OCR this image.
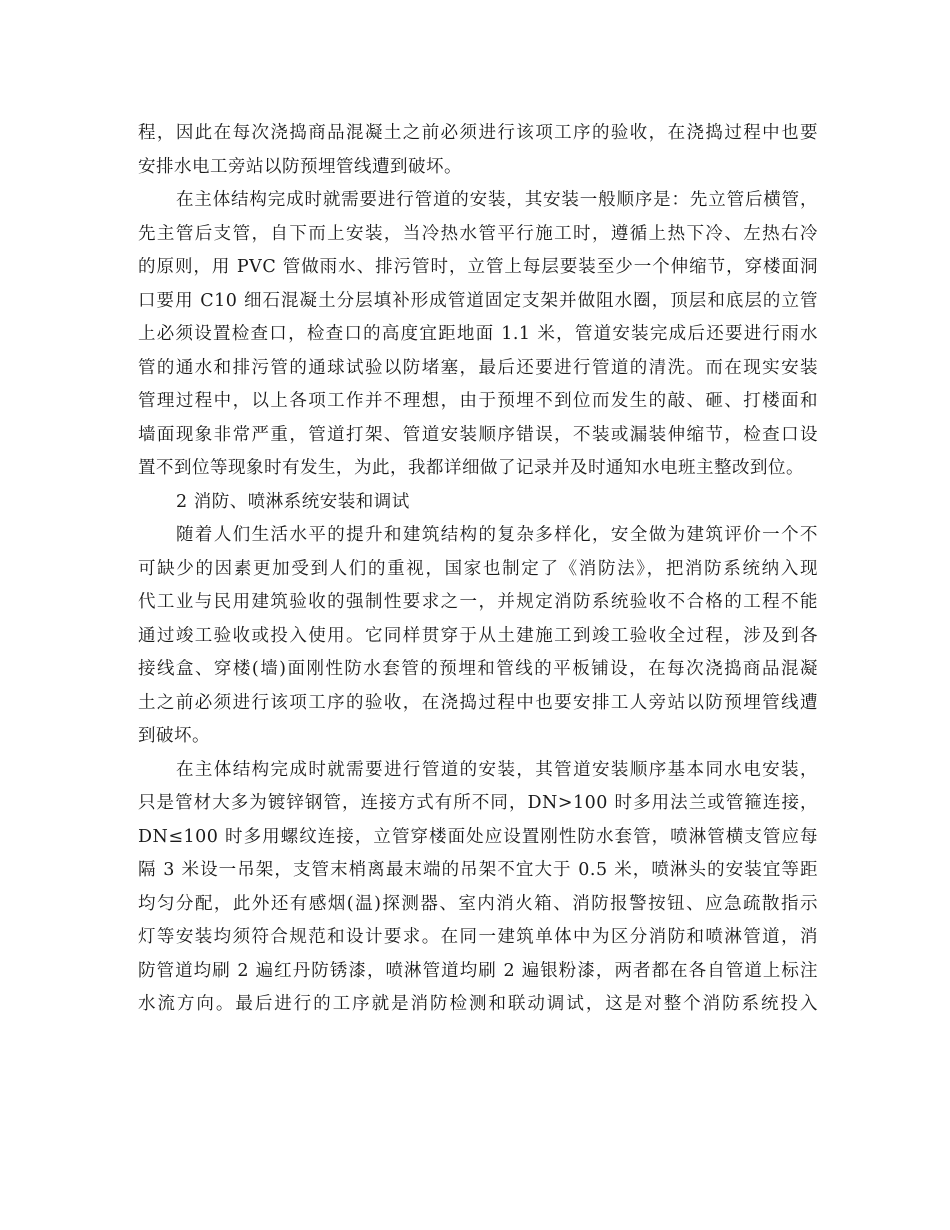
程，因此在每次浇捣商品混凝土之前必须进行该项工序的验收，在浇捣过程中也要
安排水电工旁站以防预埋管线遭到破坏。
在主体结构完成时就需要进行管道的安装，其安装一般顺序是：先立管后横管，
先主管后支管，自下而上安装，当冷热水管平行施工时，遵循上热下冷、左热右冷
的原则，用 PVC 管做雨水、排污管时，立管上每层要装至少一个伸缩节，穿楼面洞
口要用 C10 细石混凝土分层填补形成管道固定支架并做阻水圈，顶层和底层的立管
上必须设置检查口，检查口的高度宜距地面 1.1 米，管道安装完成后还要进行雨水
管的通水和排污管的通球试验以防堵塞，最后还要进行管道的清洗。而在现实安装
管理过程中，以上各项工作并不理想，由于预埋不到位而发生的敲、砸、打楼面和
墙面现象非常严重，管道打架、管道安装顺序错误，不装或漏装伸缩节，检查口设
置不到位等现象时有发生，为此，我都详细做了记录并及时通知水电班主整改到位。
2 消防、喷淋系统安装和调试
随着人们生活水平的提升和建筑结构的复杂多样化，安全做为建筑评价一个不
可缺少的因素更加受到人们的重视，国家也制定了《消防法》，把消防系统纳入现
代工业与民用建筑验收的强制性要求之一，并规定消防系统验收不合格的工程不能
通过竣工验收或投入使用。它同样贯穿于从土建施工到竣工验收全过程，涉及到各
接线盒、穿楼(墙)面刚性防水套管的预埋和管线的平板铺设，在每次浇捣商品混凝
土之前必须进行该项工序的验收，在浇捣过程中也要安排工人旁站以防预埋管线遭
到破坏。
在主体结构完成时就需要进行管道的安装，其管道安装顺序基本同水电安装，
只是管材大多为镀锌钢管，连接方式有所不同，DN>100 时多用法兰或管箍连接，
DN≤100 时多用螺纹连接，立管穿楼面处应设置刚性防水套管，喷淋管横支管应每
隔 3 米设一吊架，支管末梢离最末端的吊架不宜大于 0.5 米，喷淋头的安装宜等距
均匀分配，此外还有感烟(温)探测器、室内消火箱、消防报警按钮、应急疏散指示
灯等安装均须符合规范和设计要求。在同一建筑单体中为区分消防和喷淋管道，消
防管道均刷 2 遍红丹防锈漆，喷淋管道均刷 2 遍银粉漆，两者都在各自管道上标注
水流方向。最后进行的工序就是消防检测和联动调试，这是对整个消防系统投入
